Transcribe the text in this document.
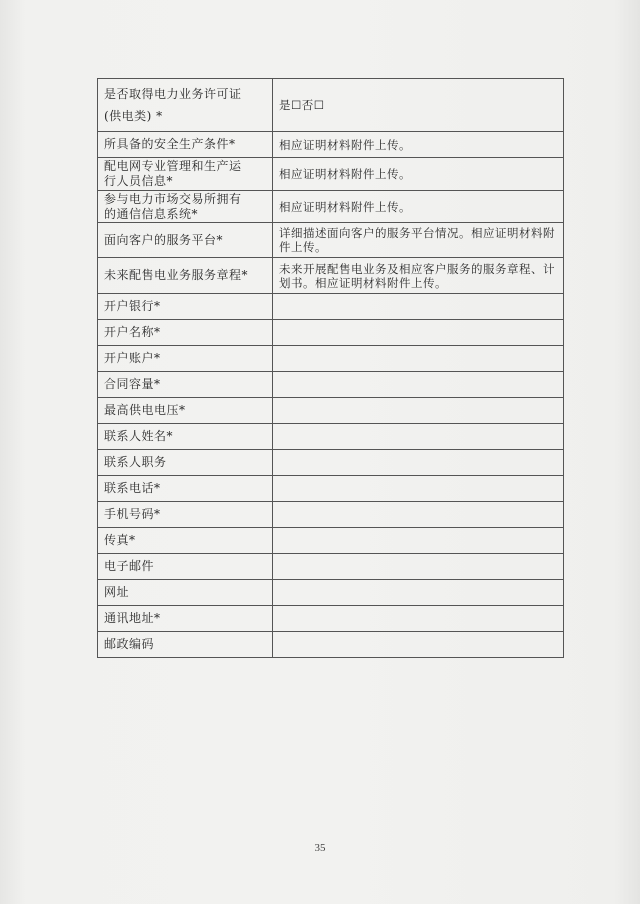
是否取得电力业务许可证
(供电类) *	是☐否☐
所具备的安全生产条件*	相应证明材料附件上传。
配电网专业管理和生产运
行人员信息*	相应证明材料附件上传。
参与电力市场交易所拥有
的通信信息系统*	相应证明材料附件上传。
面向客户的服务平台*	详细描述面向客户的服务平台情况。相应证明材料附件上传。
未来配售电业务服务章程*	未来开展配售电业务及相应客户服务的服务章程、计划书。相应证明材料附件上传。
开户银行*	
开户名称*	
开户账户*	
合同容量*	
最高供电电压*	
联系人姓名*	
联系人职务	
联系电话*	
手机号码*	
传真*	
电子邮件	
网址	
通讯地址*	
邮政编码	
35
